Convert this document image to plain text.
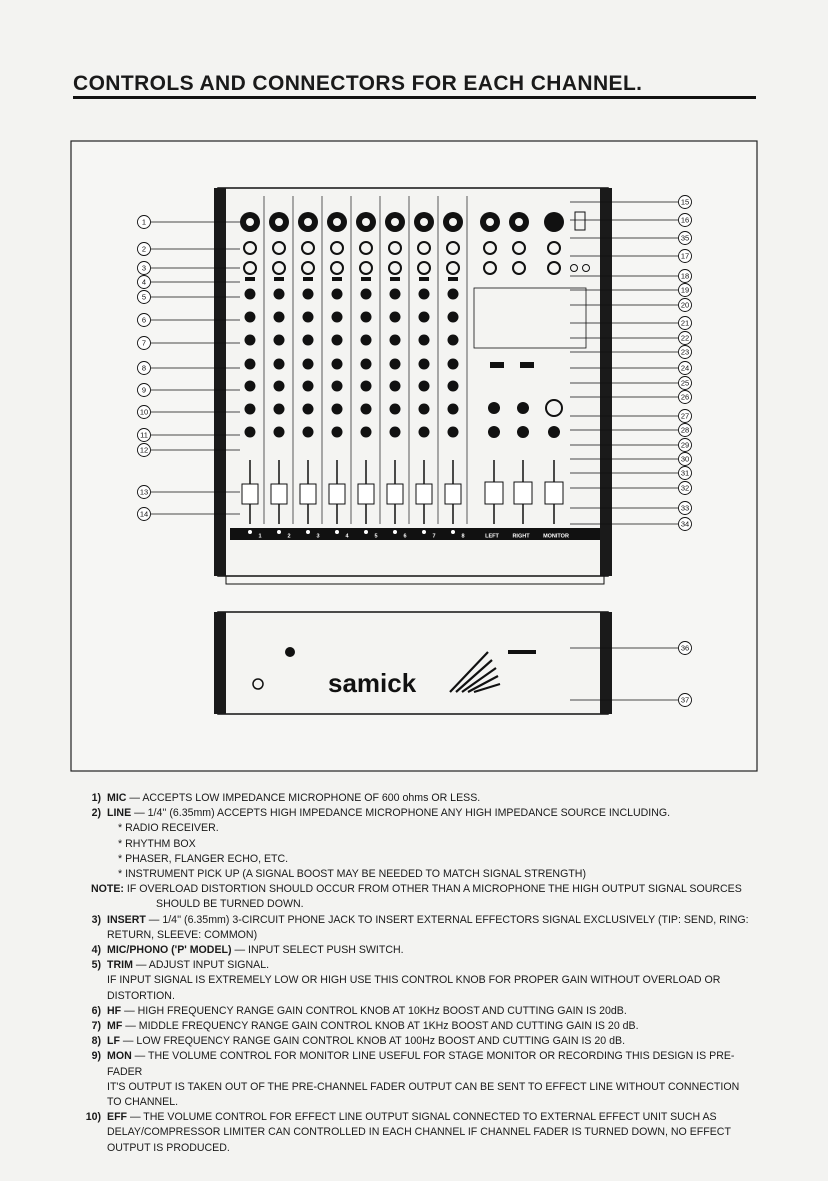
CONTROLS AND CONNECTORS FOR EACH CHANNEL.
samick
1	2	3	4	5	6	7	8	LEFT RIGHT MONITOR
1
2
3
4
5
6
7
8
9
10
11
12
13
14
15
16
35
17
18
19
20
21
22
23
24
25
26
27
28
29
30
31
32
33
34
36
37
1) MIC — ACCEPTS LOW IMPEDANCE MICROPHONE OF 600 ohms OR LESS.
2) LINE — 1/4'' (6.35mm) ACCEPTS HIGH IMPEDANCE MICROPHONE ANY HIGH IMPEDANCE SOURCE INCLUDING.

* RADIO RECEIVER.

* RHYTHM BOX

* PHASER, FLANGER ECHO, ETC.

* INSTRUMENT PICK UP (A SIGNAL BOOST MAY BE NEEDED TO MATCH SIGNAL STRENGTH)

NOTE: IF OVERLOAD DISTORTION SHOULD OCCUR FROM OTHER THAN A MICROPHONE THE HIGH OUTPUT SIGNAL SOURCES

SHOULD BE TURNED DOWN.

3) INSERT — 1/4'' (6.35mm) 3-CIRCUIT PHONE JACK TO INSERT EXTERNAL EFFECTORS SIGNAL EXCLUSIVELY (TIP: SEND, RING:

RETURN, SLEEVE: COMMON)

4) MIC/PHONO ('P' MODEL) — INPUT SELECT PUSH SWITCH.
5) TRIM — ADJUST INPUT SIGNAL.

IF INPUT SIGNAL IS EXTREMELY LOW OR HIGH USE THIS CONTROL KNOB FOR PROPER GAIN WITHOUT OVERLOAD OR

DISTORTION.

6) HF — HIGH FREQUENCY RANGE GAIN CONTROL KNOB AT 10KHz BOOST AND CUTTING GAIN IS 20dB.
7) MF — MIDDLE FREQUENCY RANGE GAIN CONTROL KNOB AT 1KHz BOOST AND CUTTING GAIN IS 20 dB.
8) LF — LOW FREQUENCY RANGE GAIN CONTROL KNOB AT 100Hz BOOST AND CUTTING GAIN IS 20 dB.
9) MON — THE VOLUME CONTROL FOR MONITOR LINE USEFUL FOR STAGE MONITOR OR RECORDING THIS DESIGN IS PRE-FADER

IT'S OUTPUT IS TAKEN OUT OF THE PRE-CHANNEL FADER OUTPUT CAN BE SENT TO EFFECT LINE WITHOUT CONNECTION

TO CHANNEL.

10) EFF — THE VOLUME CONTROL FOR EFFECT LINE OUTPUT SIGNAL CONNECTED TO EXTERNAL EFFECT UNIT SUCH AS

DELAY/COMPRESSOR LIMITER CAN CONTROLLED IN EACH CHANNEL IF CHANNEL FADER IS TURNED DOWN, NO EFFECT

OUTPUT IS PRODUCED.
